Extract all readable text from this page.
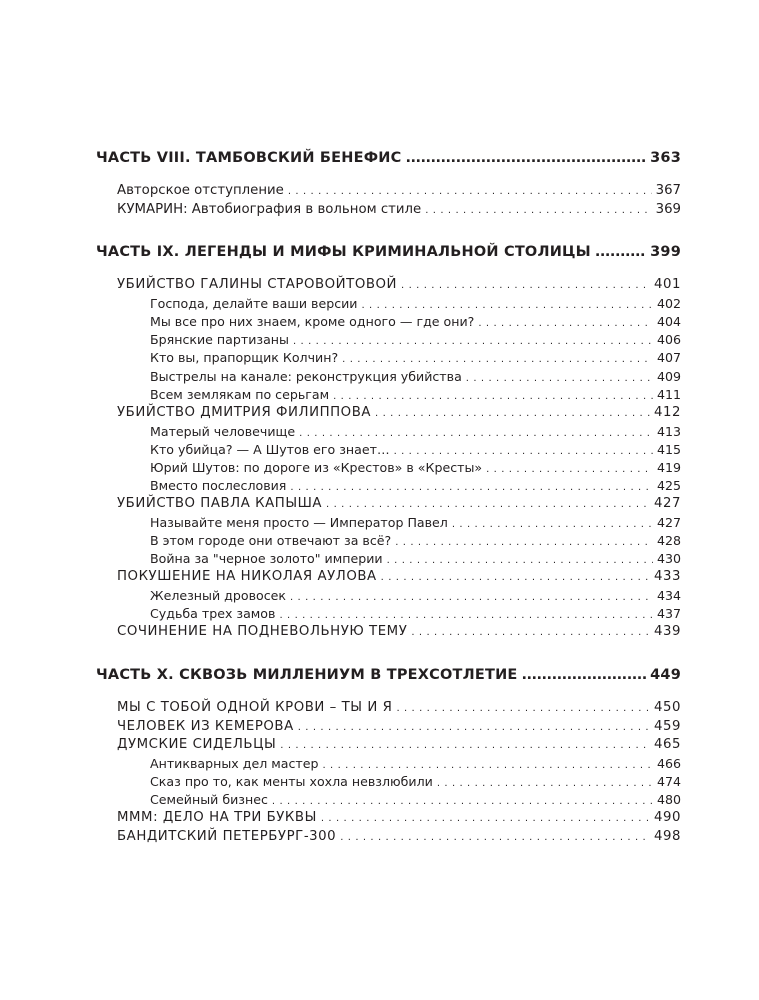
ЧАСТЬ VIII. ТАМБОВСКИЙ БЕНЕФИС .....	363
Авторское отступление . . .	367
КУМАРИН: Автобиография в вольном стиле . . .	369
ЧАСТЬ IX. ЛЕГЕНДЫ И МИФЫ КРИМИНАЛЬНОЙ СТОЛИЦЫ .....	399
УБИЙСТВО ГАЛИНЫ СТАРОВОЙТОВОЙ . . .	401
Господа, делайте ваши версии . . .	402
Мы все про них знаем, кроме одного — где они? . . .	404
Брянские партизаны . . .	406
Кто вы, прапорщик Колчин? . . .	407
Выстрелы на канале: реконструкция убийства . . .	409
Всем землякам по серьгам . . .	411
УБИЙСТВО ДМИТРИЯ ФИЛИППОВА . . .	412
Матерый человечище . . .	413
Кто убийца? — А Шутов его знает… . . .	415
Юрий Шутов: по дороге из «Крестов» в «Кресты» . . .	419
Вместо послесловия . . .	425
УБИЙСТВО ПАВЛА КАПЫША . . .	427
Называйте меня просто — Император Павел . . .	427
В этом городе они отвечают за всё? . . .	428
Война за "черное золото" империи . . .	430
ПОКУШЕНИЕ НА НИКОЛАЯ АУЛОВА . . .	433
Железный дровосек . . .	434
Судьба трех замов . . .	437
СОЧИНЕНИЕ НА ПОДНЕВОЛЬНУЮ ТЕМУ . . .	439
ЧАСТЬ X. СКВОЗЬ МИЛЛЕНИУМ В ТРЕХСОТЛЕТИЕ .....	449
МЫ С ТОБОЙ ОДНОЙ КРОВИ – ТЫ И Я . . .	450
ЧЕЛОВЕК ИЗ КЕМЕРОВА . . .	459
ДУМСКИЕ СИДЕЛЬЦЫ . . .	465
Антикварных дел мастер . . .	466
Сказ про то, как менты хохла невзлюбили . . .	474
Семейный бизнес . . .	480
МММ: ДЕЛО НА ТРИ БУКВЫ . . .	490
БАНДИТСКИЙ ПЕТЕРБУРГ-300 . . .	498
